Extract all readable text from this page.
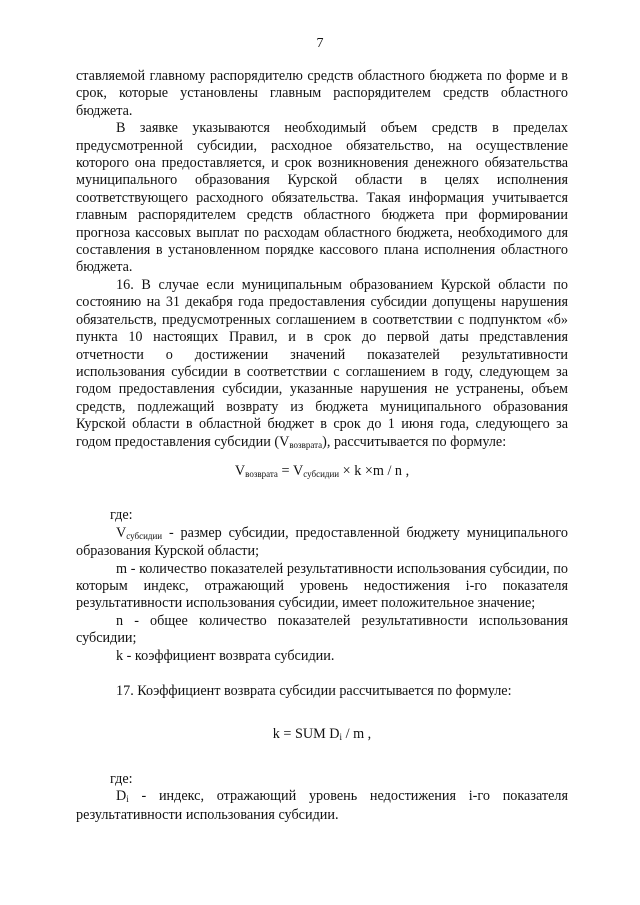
7

ставляемой главному распорядителю средств областного бюджета по форме и в срок, которые установлены главным распорядителем средств областного бюджета.

В заявке указываются необходимый объем средств в пределах предусмотренной субсидии, расходное обязательство, на осуществление которого она предоставляется, и срок возникновения денежного обязательства муниципального образования Курской области в целях исполнения соответствующего расходного обязательства. Такая информация учитывается главным распорядителем средств областного бюджета при формировании прогноза кассовых выплат по расходам областного бюджета, необходимого для составления в установленном порядке кассового плана исполнения областного бюджета.

16. В случае если муниципальным образованием Курской области по состоянию на 31 декабря года предоставления субсидии допущены нарушения обязательств, предусмотренных соглашением в соответствии с подпунктом «б» пункта 10 настоящих Правил, и в срок до первой даты представления отчетности о достижении значений показателей результативности использования субсидии в соответствии с соглашением в году, следующем за годом предоставления субсидии, указанные нарушения не устранены, объем средств, подлежащий возврату из бюджета муниципального образования Курской области в областной бюджет в срок до 1 июня года, следующего за годом предоставления субсидии (Vвозврата), рассчитывается по формуле:

Vвозврата = Vсубсидии × k ×m / n ,

где:

Vсубсидии - размер субсидии, предоставленной бюджету муниципального образования Курской области;

m - количество показателей результативности использования субсидии, по которым индекс, отражающий уровень недостижения i-го показателя результативности использования субсидии, имеет положительное значение;

n - общее количество показателей результативности использования субсидии;

k - коэффициент возврата субсидии.

17. Коэффициент возврата субсидии рассчитывается по формуле:

k = SUM Di / m ,

где:

Di - индекс, отражающий уровень недостижения i-го показателя результативности использования субсидии.
